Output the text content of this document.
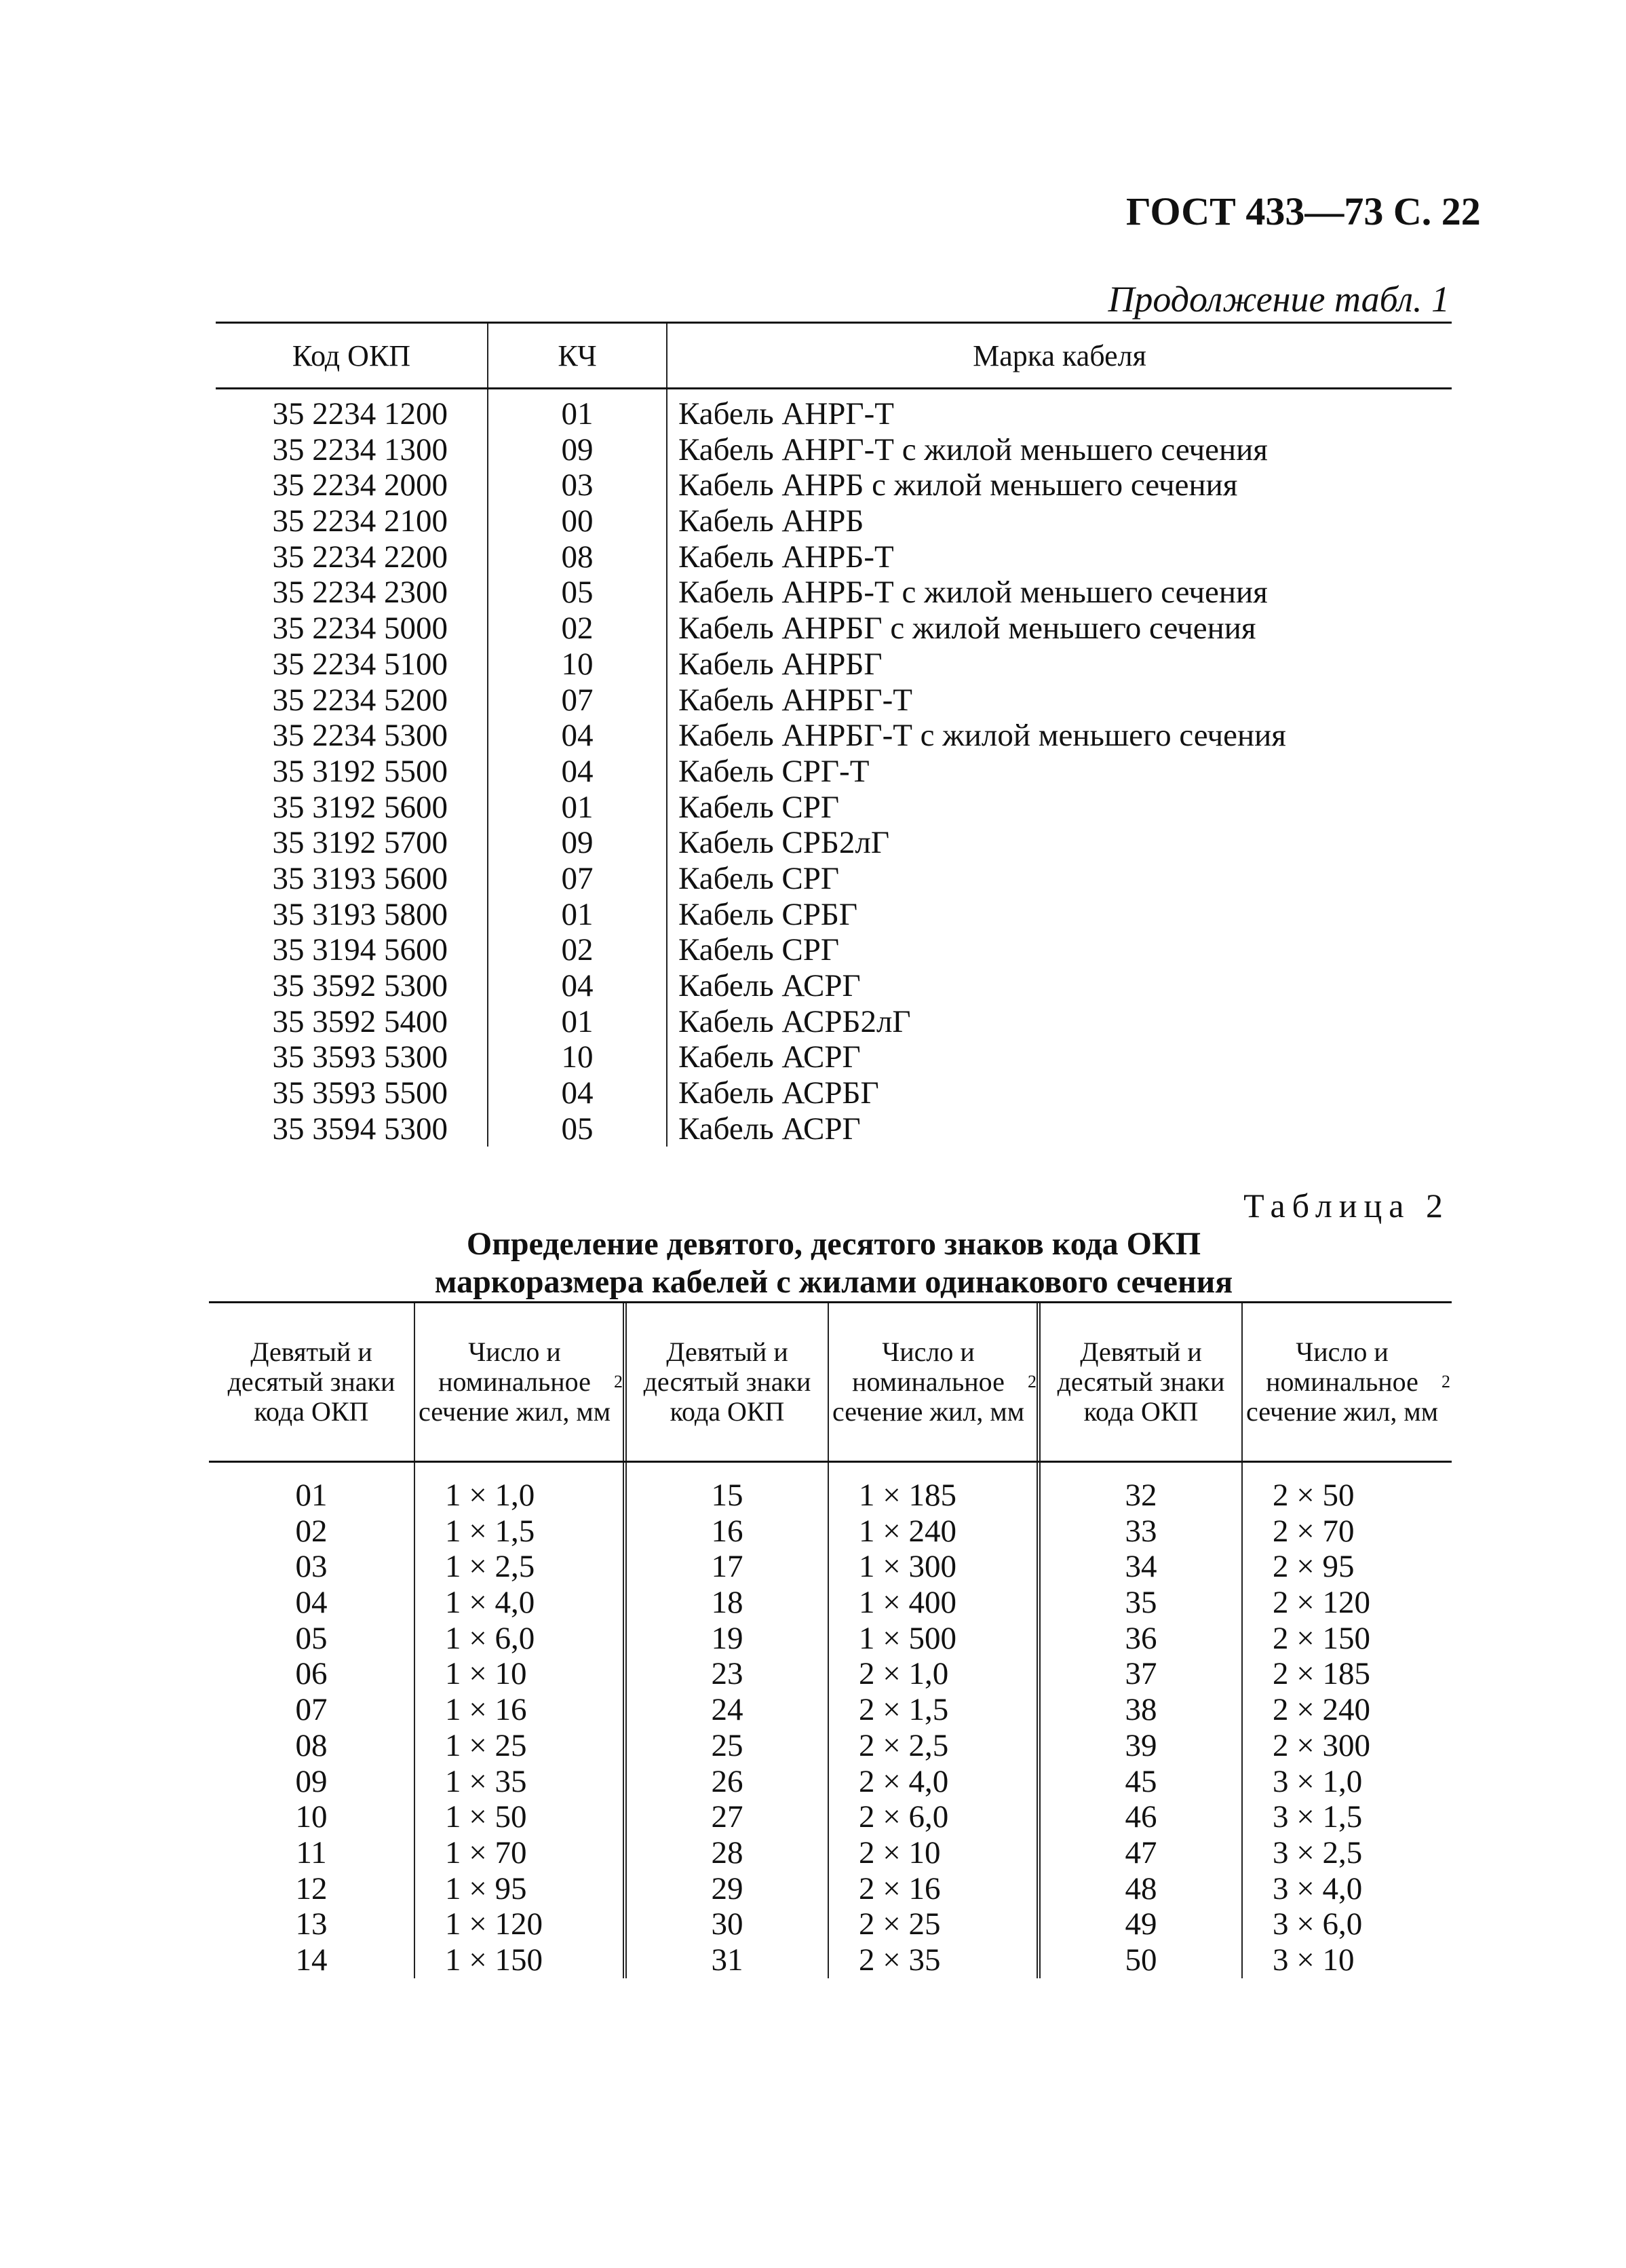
ГОСТ 433—73 С. 22
Продолжение табл. 1
Код ОКП	КЧ	Марка кабеля
35 2234 1200
35 2234 1300
35 2234 2000
35 2234 2100
35 2234 2200
35 2234 2300
35 2234 5000
35 2234 5100
35 2234 5200
35 2234 5300
35 3192 5500
35 3192 5600
35 3192 5700
35 3193 5600
35 3193 5800
35 3194 5600
35 3592 5300
35 3592 5400
35 3593 5300
35 3593 5500
35 3594 5300
01
09
03
00
08
05
02
10
07
04
04
01
09
07
01
02
04
01
10
04
05
Кабель АНРГ-Т
Кабель АНРГ-Т с жилой меньшего сечения
Кабель АНРБ с жилой меньшего сечения
Кабель АНРБ
Кабель АНРБ-Т
Кабель АНРБ-Т с жилой меньшего сечения
Кабель АНРБГ с жилой меньшего сечения
Кабель АНРБГ
Кабель АНРБГ-Т
Кабель АНРБГ-Т с жилой меньшего сечения
Кабель СРГ-Т
Кабель СРГ
Кабель СРБ2лГ
Кабель СРГ
Кабель СРБГ
Кабель СРГ
Кабель АСРГ
Кабель АСРБ2лГ
Кабель АСРГ
Кабель АСРБГ
Кабель АСРГ
Таблица 2
Определение девятого, десятого знаков кода ОКП
маркоразмера кабелей с жилами одинакового сечения
Девятый и десятый знаки кода ОКП
Число и номинальное сечение жил, мм
2
Девятый и десятый знаки кода ОКП
Число и номинальное сечение жил, мм
2
Девятый и десятый знаки кода ОКП
Число и номинальное сечение жил, мм
2
01
02
03
04
05
06
07
08
09
10
11
12
13
14
1 × 1,0
1 × 1,5
1 × 2,5
1 × 4,0
1 × 6,0
1 × 10
1 × 16
1 × 25
1 × 35
1 × 50
1 × 70
1 × 95
1 × 120
1 × 150
15
16
17
18
19
23
24
25
26
27
28
29
30
31
1 × 185
1 × 240
1 × 300
1 × 400
1 × 500
2 × 1,0
2 × 1,5
2 × 2,5
2 × 4,0
2 × 6,0
2 × 10
2 × 16
2 × 25
2 × 35
32
33
34
35
36
37
38
39
45
46
47
48
49
50
2 × 50
2 × 70
2 × 95
2 × 120
2 × 150
2 × 185
2 × 240
2 × 300
3 × 1,0
3 × 1,5
3 × 2,5
3 × 4,0
3 × 6,0
3 × 10
